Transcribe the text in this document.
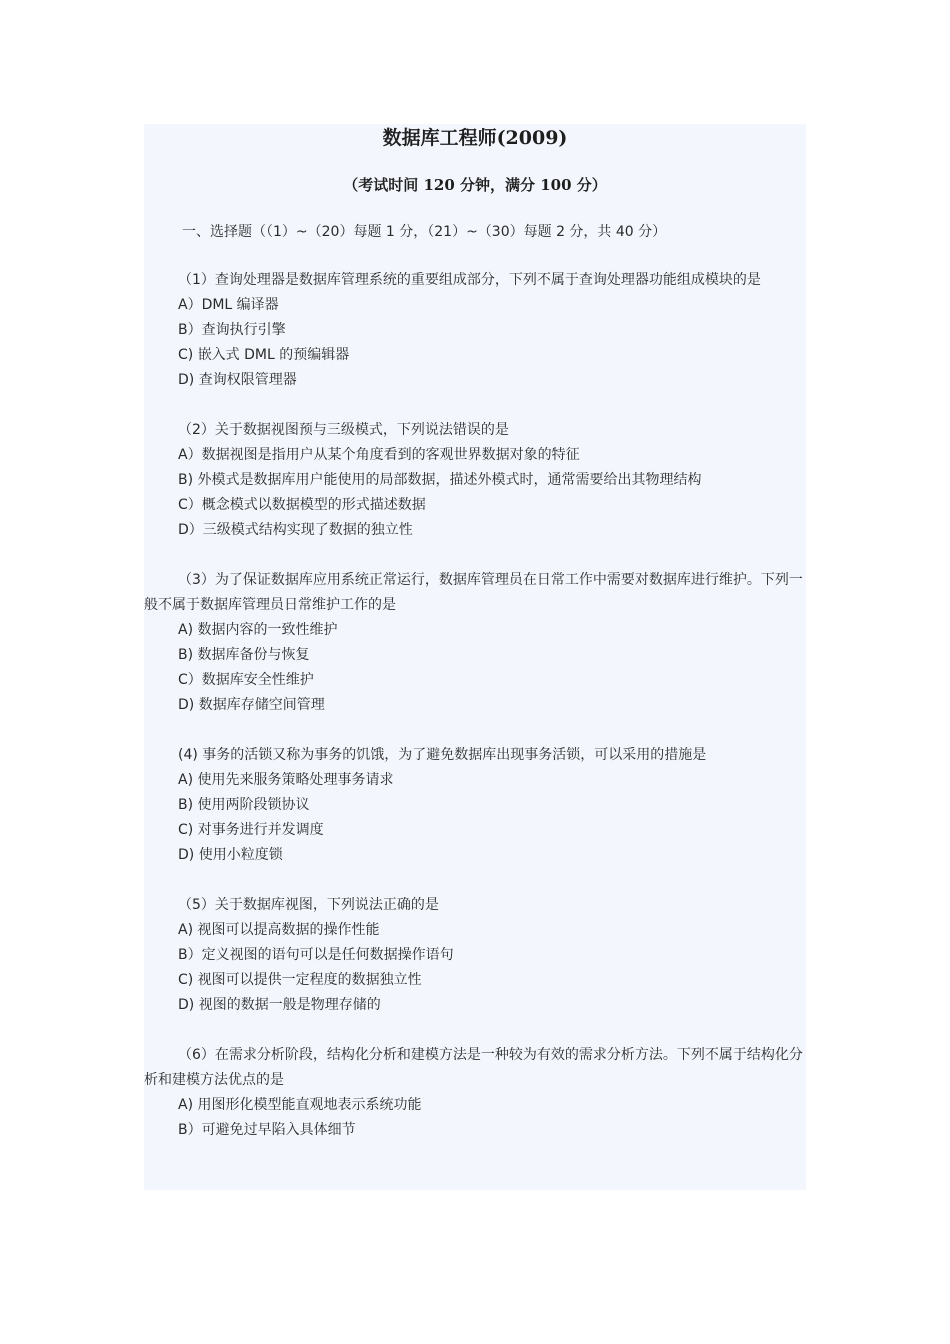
数据库工程师(2009)

（考试时间 120 分钟，满分 100 分）

一、选择题（（1）~（20）每题 1 分，（21）~（30）每题 2 分，共 40 分）

（1）查询处理器是数据库管理系统的重要组成部分，下列不属于查询处理器功能组成模块的是

A）DML 编译器

B）查询执行引擎

C) 嵌入式 DML 的预编辑器

D) 查询权限管理器

（2）关于数据视图预与三级模式，下列说法错误的是

A）数据视图是指用户从某个角度看到的客观世界数据对象的特征

B) 外模式是数据库用户能使用的局部数据，描述外模式时，通常需要给出其物理结构

C）概念模式以数据模型的形式描述数据

D）三级模式结构实现了数据的独立性

（3）为了保证数据库应用系统正常运行，数据库管理员在日常工作中需要对数据库进行维护。下列一般不属于数据库管理员日常维护工作的是

A) 数据内容的一致性维护

B) 数据库备份与恢复

C）数据库安全性维护

D) 数据库存储空间管理

(4) 事务的活锁又称为事务的饥饿，为了避免数据库出现事务活锁，可以采用的措施是

A) 使用先来服务策略处理事务请求

B) 使用两阶段锁协议

C) 对事务进行并发调度

D) 使用小粒度锁

（5）关于数据库视图，下列说法正确的是

A) 视图可以提高数据的操作性能

B）定义视图的语句可以是任何数据操作语句

C) 视图可以提供一定程度的数据独立性

D) 视图的数据一般是物理存储的

（6）在需求分析阶段，结构化分析和建模方法是一种较为有效的需求分析方法。下列不属于结构化分析和建模方法优点的是

A) 用图形化模型能直观地表示系统功能

B）可避免过早陷入具体细节
